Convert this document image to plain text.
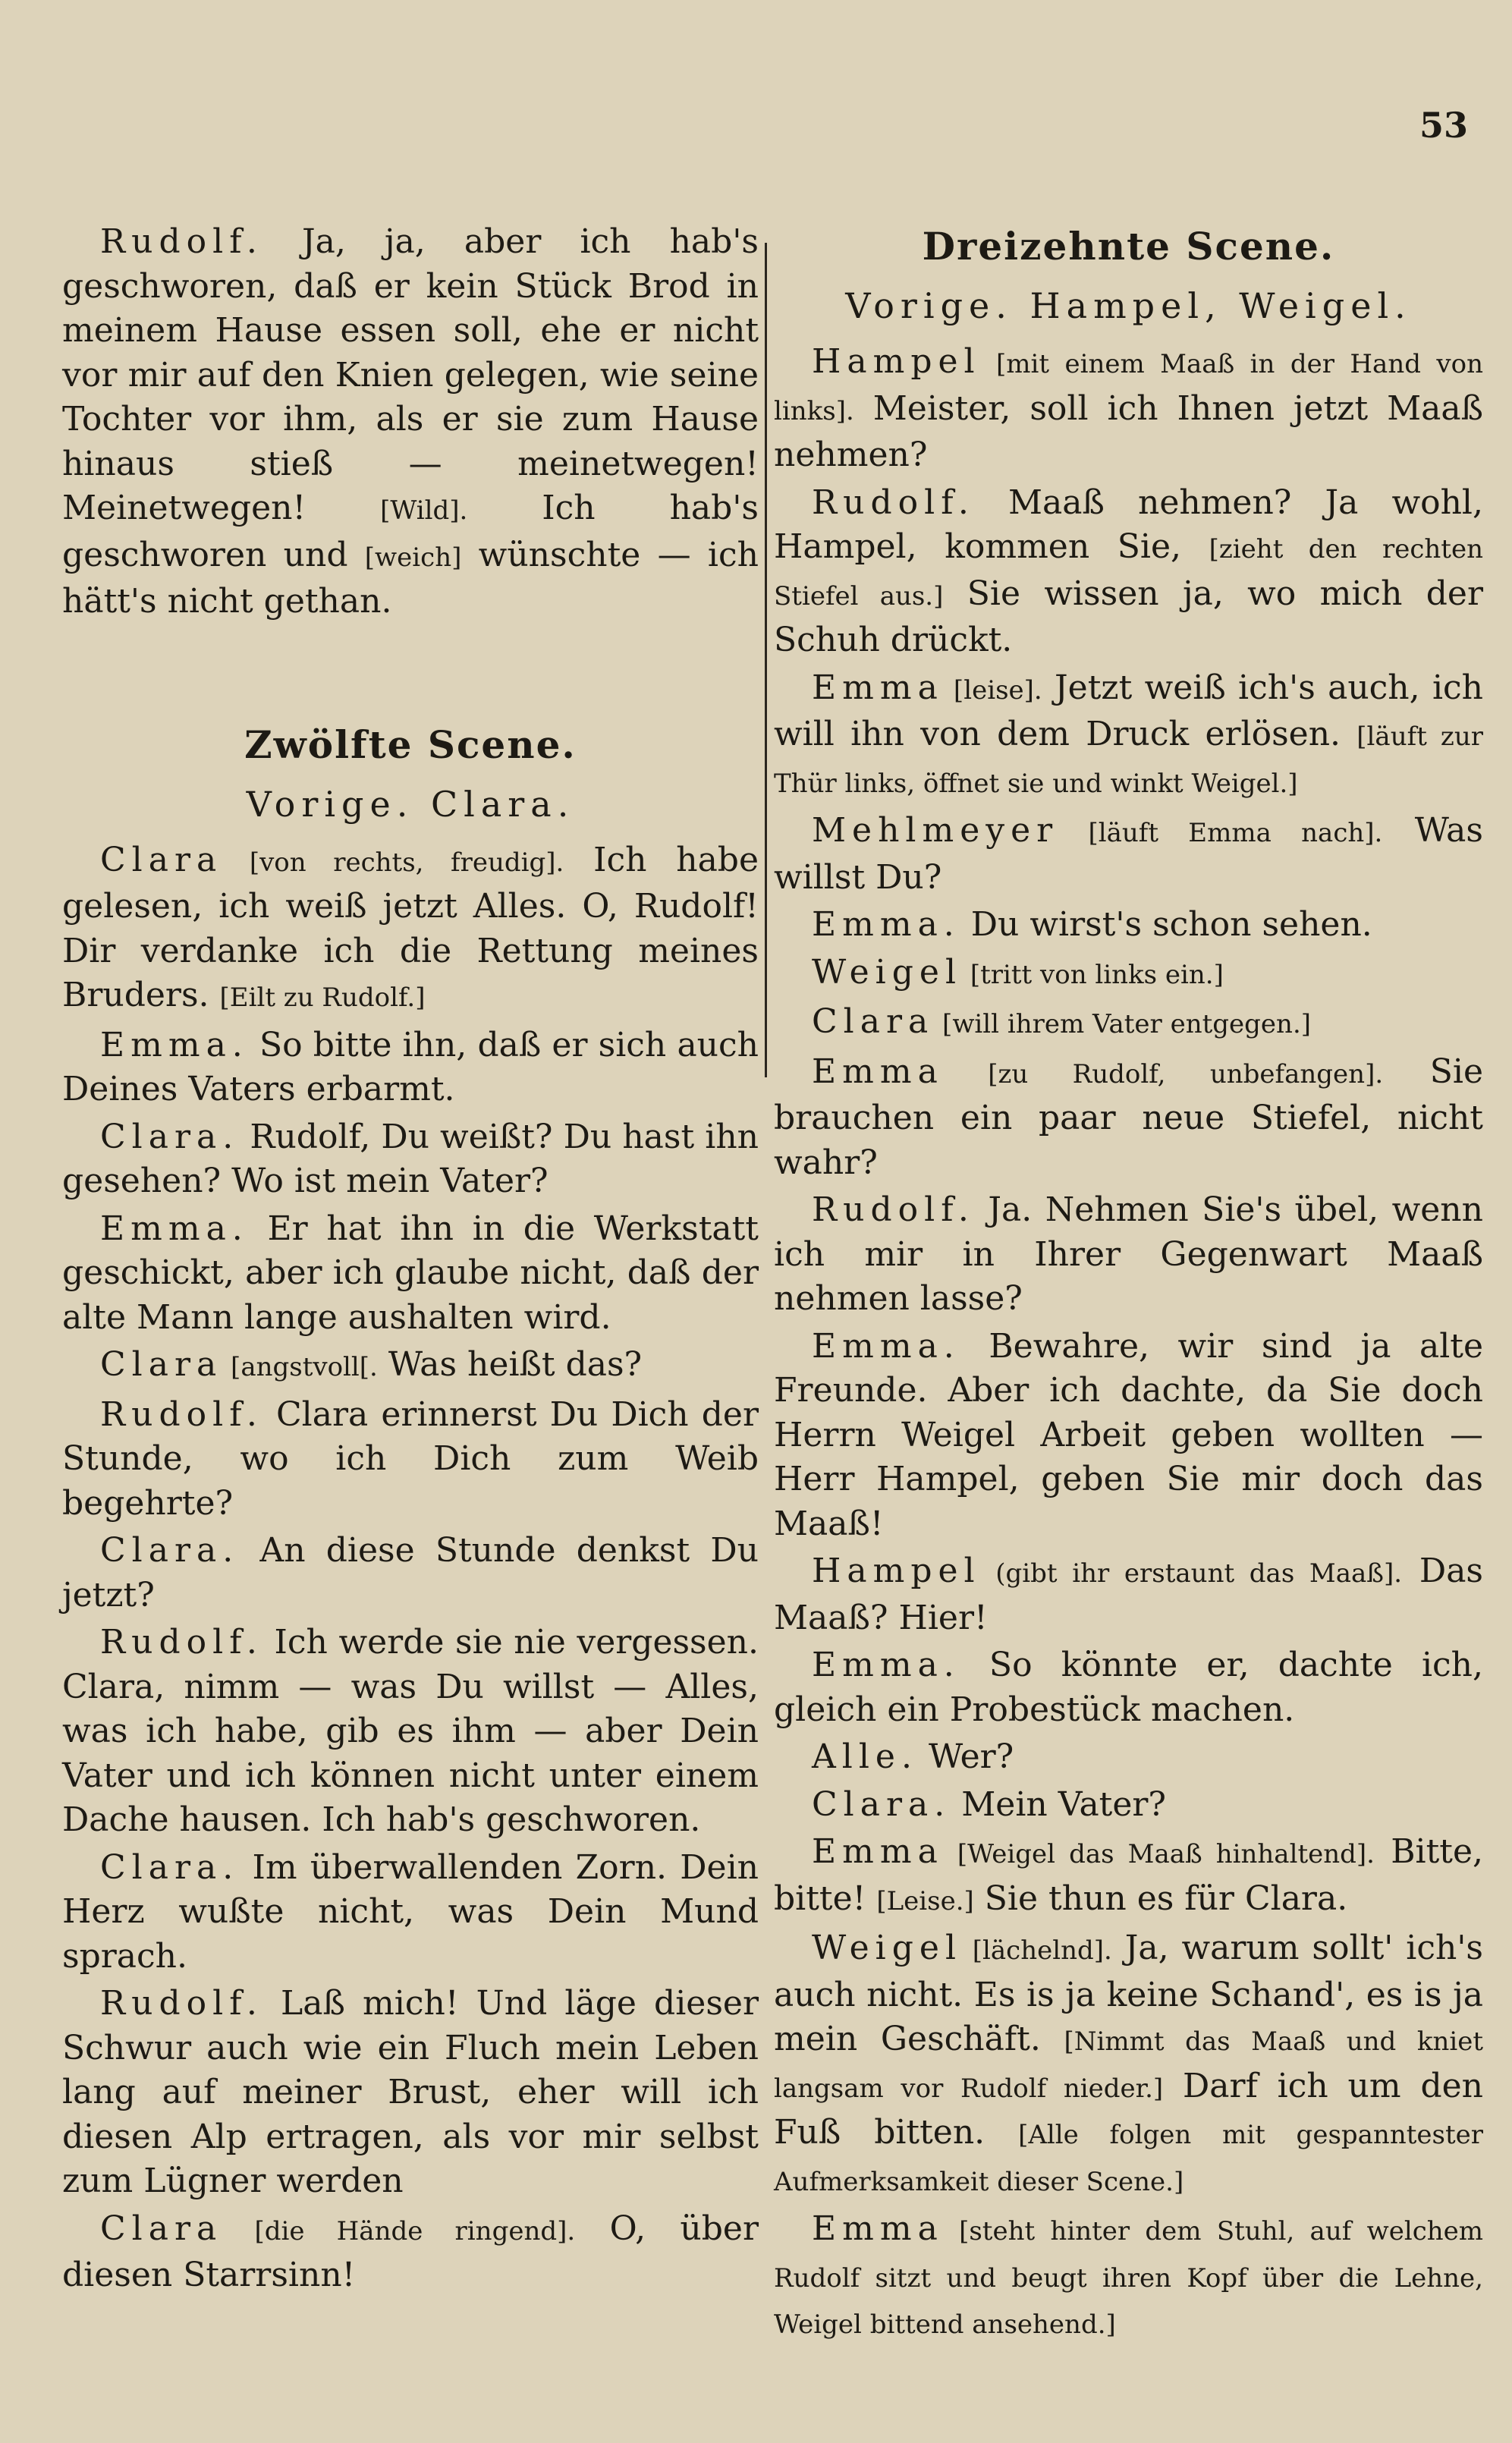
53

Rudolf. Ja, ja, aber ich hab's geschworen, daß er kein Stück Brod in meinem Hause essen soll, ehe er nicht vor mir auf den Knien gelegen, wie seine Tochter vor ihm, als er sie zum Hause hinaus stieß — meinetwegen! Meinetwegen! [Wild]. Ich hab's geschworen und [weich] wünschte — ich hätt's nicht gethan.

Zwölfte Scene.
Vorige. Clara.

Clara [von rechts, freudig]. Ich habe gelesen, ich weiß jetzt Alles. O, Rudolf! Dir verdanke ich die Rettung meines Bruders. [Eilt zu Rudolf.]

Emma. So bitte ihn, daß er sich auch Deines Vaters erbarmt.

Clara. Rudolf, Du weißt? Du hast ihn gesehen? Wo ist mein Vater?

Emma. Er hat ihn in die Werkstatt geschickt, aber ich glaube nicht, daß der alte Mann lange aushalten wird.

Clara [angstvoll[. Was heißt das?

Rudolf. Clara erinnerst Du Dich der Stunde, wo ich Dich zum Weib begehrte?

Clara. An diese Stunde denkst Du jetzt?

Rudolf. Ich werde sie nie vergessen. Clara, nimm — was Du willst — Alles, was ich habe, gib es ihm — aber Dein Vater und ich können nicht unter einem Dache hausen. Ich hab's geschworen.

Clara. Im überwallenden Zorn. Dein Herz wußte nicht, was Dein Mund sprach.

Rudolf. Laß mich! Und läge dieser Schwur auch wie ein Fluch mein Leben lang auf meiner Brust, eher will ich diesen Alp ertragen, als vor mir selbst zum Lügner werden

Clara [die Hände ringend]. O, über diesen Starrsinn!

Dreizehnte Scene.
Vorige. Hampel, Weigel.

Hampel [mit einem Maaß in der Hand von links]. Meister, soll ich Ihnen jetzt Maaß nehmen?

Rudolf. Maaß nehmen? Ja wohl, Hampel, kommen Sie, [zieht den rechten Stiefel aus.] Sie wissen ja, wo mich der Schuh drückt.

Emma [leise]. Jetzt weiß ich's auch, ich will ihn von dem Druck erlösen. [läuft zur Thür links, öffnet sie und winkt Weigel.]

Mehlmeyer [läuft Emma nach]. Was willst Du?

Emma. Du wirst's schon sehen.

Weigel [tritt von links ein.]

Clara [will ihrem Vater entgegen.]

Emma [zu Rudolf, unbefangen]. Sie brauchen ein paar neue Stiefel, nicht wahr?

Rudolf. Ja. Nehmen Sie's übel, wenn ich mir in Ihrer Gegenwart Maaß nehmen lasse?

Emma. Bewahre, wir sind ja alte Freunde. Aber ich dachte, da Sie doch Herrn Weigel Arbeit geben wollten — Herr Hampel, geben Sie mir doch das Maaß!

Hampel (gibt ihr erstaunt das Maaß]. Das Maaß? Hier!

Emma. So könnte er, dachte ich, gleich ein Probestück machen.

Alle. Wer?

Clara. Mein Vater?

Emma [Weigel das Maaß hinhaltend]. Bitte, bitte! [Leise.] Sie thun es für Clara.

Weigel [lächelnd]. Ja, warum sollt' ich's auch nicht. Es is ja keine Schand', es is ja mein Geschäft. [Nimmt das Maaß und kniet langsam vor Rudolf nieder.] Darf ich um den Fuß bitten. [Alle folgen mit gespanntester Aufmerksamkeit dieser Scene.]

Emma [steht hinter dem Stuhl, auf welchem Rudolf sitzt und beugt ihren Kopf über die Lehne, Weigel bittend ansehend.]
